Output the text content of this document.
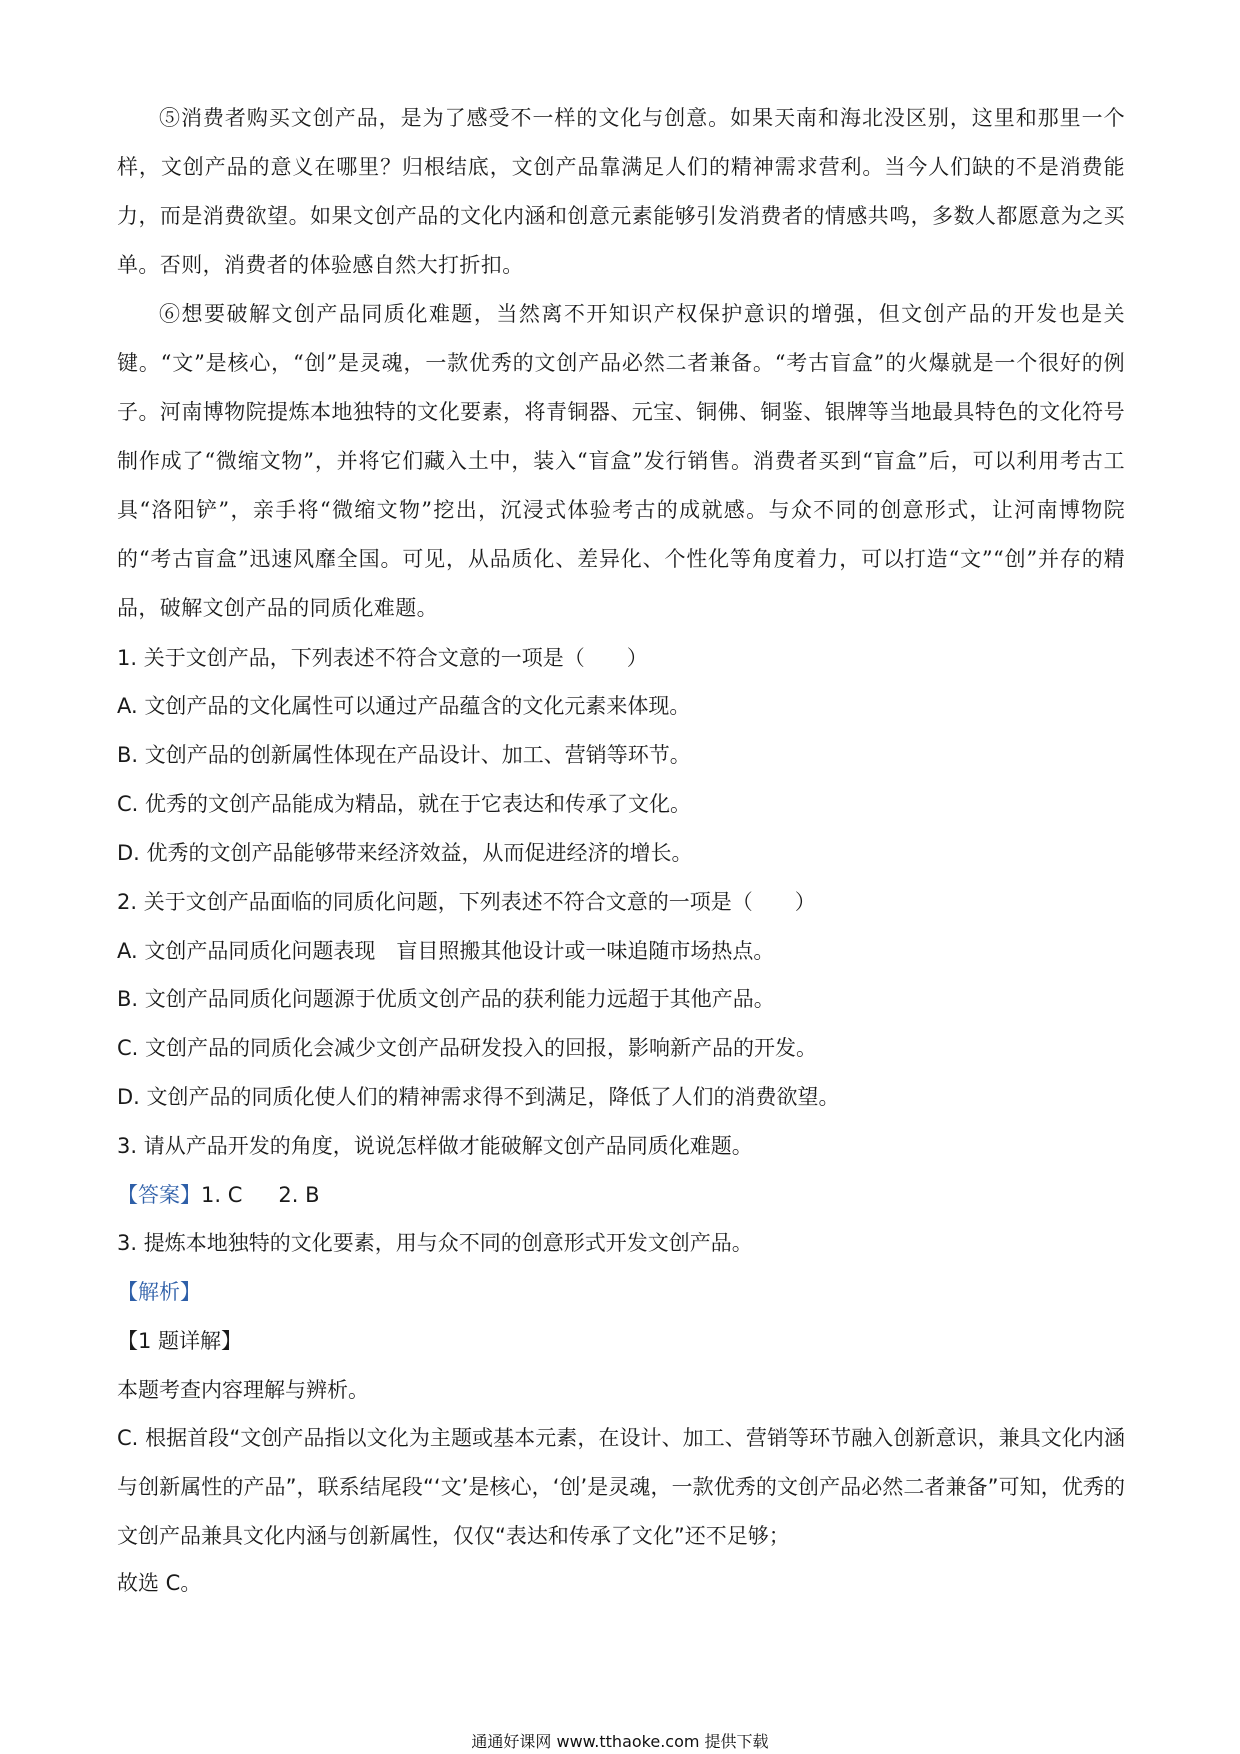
⑤消费者购买文创产品，是为了感受不一样的文化与创意。如果天南和海北没区别，这里和那里一个样，文创产品的意义在哪里？归根结底，文创产品靠满足人们的精神需求营利。当今人们缺的不是消费能力，而是消费欲望。如果文创产品的文化内涵和创意元素能够引发消费者的情感共鸣，多数人都愿意为之买单。否则，消费者的体验感自然大打折扣。
⑥想要破解文创产品同质化难题，当然离不开知识产权保护意识的增强，但文创产品的开发也是关键。“文”是核心，“创”是灵魂，一款优秀的文创产品必然二者兼备。“考古盲盒”的火爆就是一个很好的例子。河南博物院提炼本地独特的文化要素，将青铜器、元宝、铜佛、铜鉴、银牌等当地最具特色的文化符号制作成了“微缩文物”，并将它们藏入土中，装入“盲盒”发行销售。消费者买到“盲盒”后，可以利用考古工具“洛阳铲”，亲手将“微缩文物”挖出，沉浸式体验考古的成就感。与众不同的创意形式，让河南博物院的“考古盲盒”迅速风靡全国。可见，从品质化、差异化、个性化等角度着力，可以打造“文”“创”并存的精品，破解文创产品的同质化难题。
1. 关于文创产品，下列表述不符合文意的一项是（　　）
A. 文创产品的文化属性可以通过产品蕴含的文化元素来体现。
B. 文创产品的创新属性体现在产品设计、加工、营销等环节。
C. 优秀的文创产品能成为精品，就在于它表达和传承了文化。
D. 优秀的文创产品能够带来经济效益，从而促进经济的增长。
2. 关于文创产品面临的同质化问题，下列表述不符合文意的一项是（　　）
A. 文创产品同质化问题表现　盲目照搬其他设计或一味追随市场热点。
B. 文创产品同质化问题源于优质文创产品的获利能力远超于其他产品。
C. 文创产品的同质化会减少文创产品研发投入的回报，影响新产品的开发。
D. 文创产品的同质化使人们的精神需求得不到满足，降低了人们的消费欲望。
3. 请从产品开发的角度，说说怎样做才能破解文创产品同质化难题。
【答案】1. C 2. B
3. 提炼本地独特的文化要素，用与众不同的创意形式开发文创产品。
【解析】
【1 题详解】
本题考查内容理解与辨析。
C. 根据首段“文创产品指以文化为主题或基本元素，在设计、加工、营销等环节融入创新意识，兼具文化内涵与创新属性的产品”，联系结尾段“‘文’是核心，‘创’是灵魂，一款优秀的文创产品必然二者兼备”可知，优秀的文创产品兼具文化内涵与创新属性，仅仅“表达和传承了文化”还不足够；
故选 C。
通通好课网 www.tthaoke.com 提供下载
